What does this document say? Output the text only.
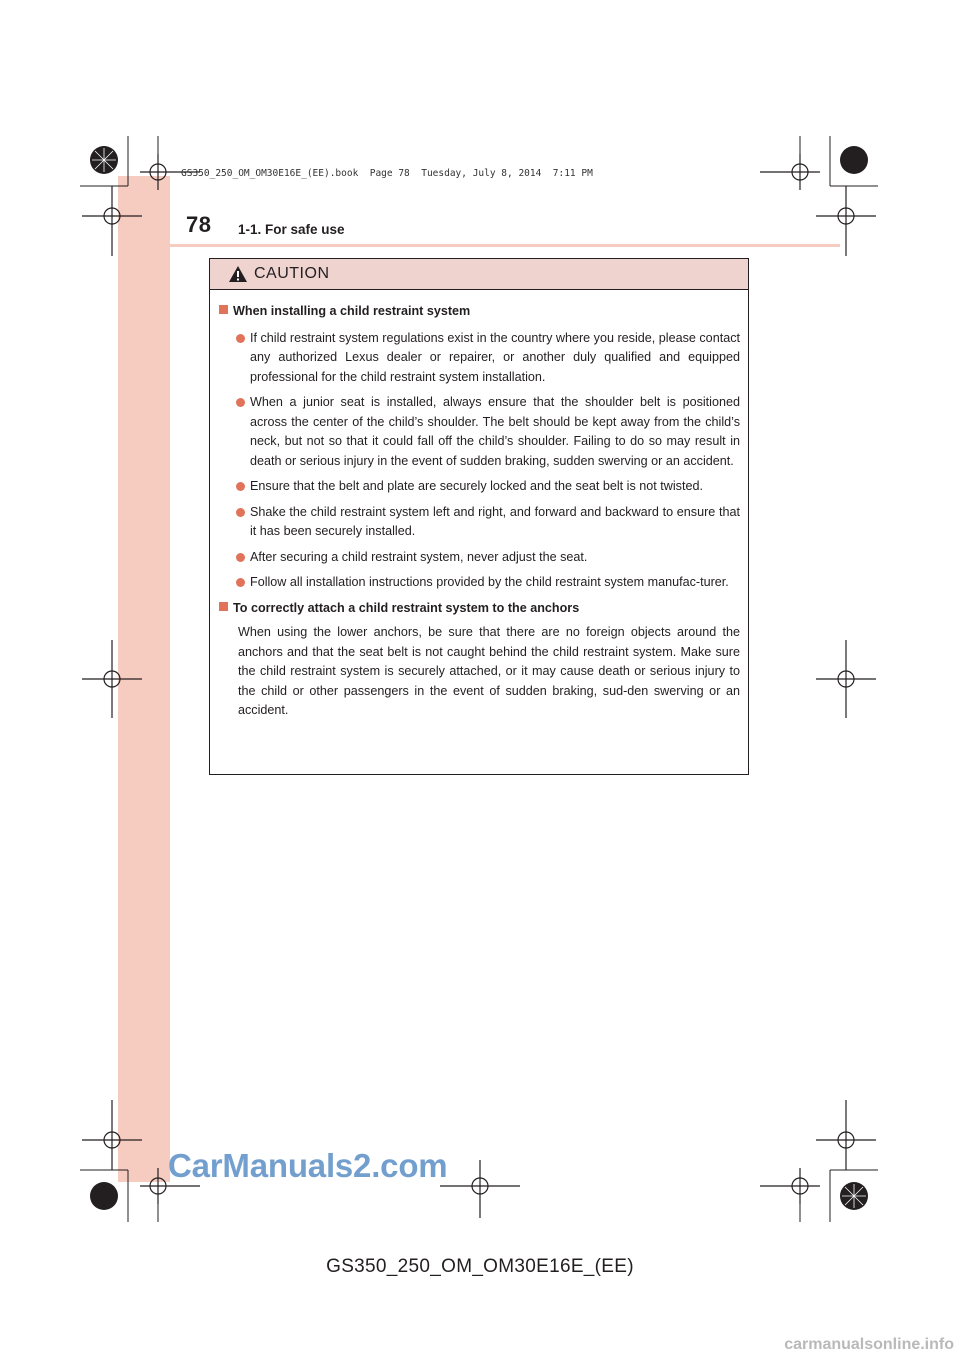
GS350_250_OM_OM30E16E_(EE).book  Page 78  Tuesday, July 8, 2014  7:11 PM
78 1-1. For safe use
CAUTION
When installing a child restraint system
If child restraint system regulations exist in the country where you reside, please contact any authorized Lexus dealer or repairer, or another duly qualified and equipped professional for the child restraint system installation.
When a junior seat is installed, always ensure that the shoulder belt is positioned across the center of the child’s shoulder. The belt should be kept away from the child’s neck, but not so that it could fall off the child’s shoulder. Failing to do so may result in death or serious injury in the event of sudden braking, sudden swerving or an accident.
Ensure that the belt and plate are securely locked and the seat belt is not twisted.
Shake the child restraint system left and right, and forward and backward to ensure that it has been securely installed.
After securing a child restraint system, never adjust the seat.
Follow all installation instructions provided by the child restraint system manufac-turer.
To correctly attach a child restraint system to the anchors
When using the lower anchors, be sure that there are no foreign objects around the anchors and that the seat belt is not caught behind the child restraint system. Make sure the child restraint system is securely attached, or it may cause death or serious injury to the child or other passengers in the event of sudden braking, sud-den swerving or an accident.
CarManuals2.com
GS350_250_OM_OM30E16E_(EE)
carmanualsonline.info
